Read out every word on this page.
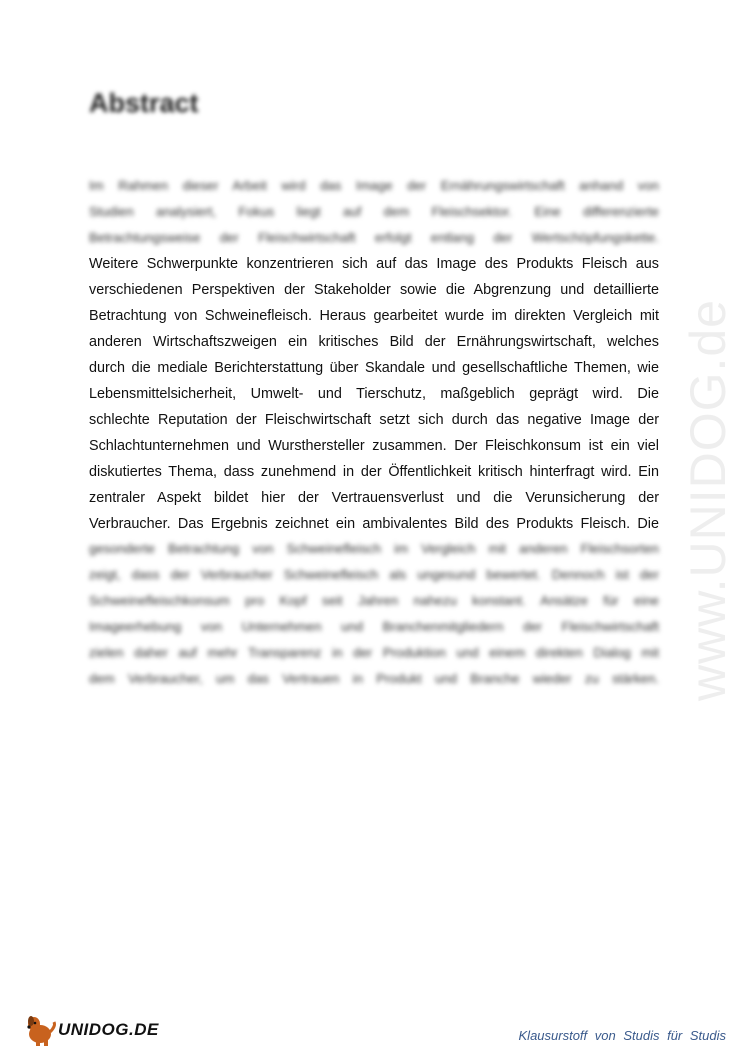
www.UNIDOG.de
Abstract
Im Rahmen dieser Arbeit wird das Image der Ernährungswirtschaft anhand von
Studien analysiert, Fokus liegt auf dem Fleischsektor. Eine differenzierte
Betrachtungsweise der Fleischwirtschaft erfolgt entlang der Wertschöpfungskette.
Weitere Schwerpunkte konzentrieren sich auf das Image des Produkts Fleisch aus
verschiedenen Perspektiven der Stakeholder sowie die Abgrenzung und detaillierte
Betrachtung von Schweinefleisch. Heraus gearbeitet wurde im direkten Vergleich mit
anderen Wirtschaftszweigen ein kritisches Bild der Ernährungswirtschaft, welches
durch die mediale Berichterstattung über Skandale und gesellschaftliche Themen, wie
Lebensmittelsicherheit, Umwelt- und Tierschutz, maßgeblich geprägt wird. Die
schlechte Reputation der Fleischwirtschaft setzt sich durch das negative Image der
Schlachtunternehmen und Wursthersteller zusammen. Der Fleischkonsum ist ein viel
diskutiertes Thema, dass zunehmend in der Öffentlichkeit kritisch hinterfragt wird. Ein
zentraler Aspekt bildet hier der Vertrauensverlust und die Verunsicherung der
Verbraucher. Das Ergebnis zeichnet ein ambivalentes Bild des Produkts Fleisch. Die
gesonderte Betrachtung von Schweinefleisch im Vergleich mit anderen Fleischsorten
zeigt, dass der Verbraucher Schweinefleisch als ungesund bewertet. Dennoch ist der
Schweinefleischkonsum pro Kopf seit Jahren nahezu konstant. Ansätze für eine
Imageerhebung von Unternehmen und Branchenmitgliedern der Fleischwirtschaft
zielen daher auf mehr Transparenz in der Produktion und einem direkten Dialog mit
dem Verbraucher, um das Vertrauen in Produkt und Branche wieder zu stärken.
UNIDOG.DE	Klausurstoff von Studis für Studis
